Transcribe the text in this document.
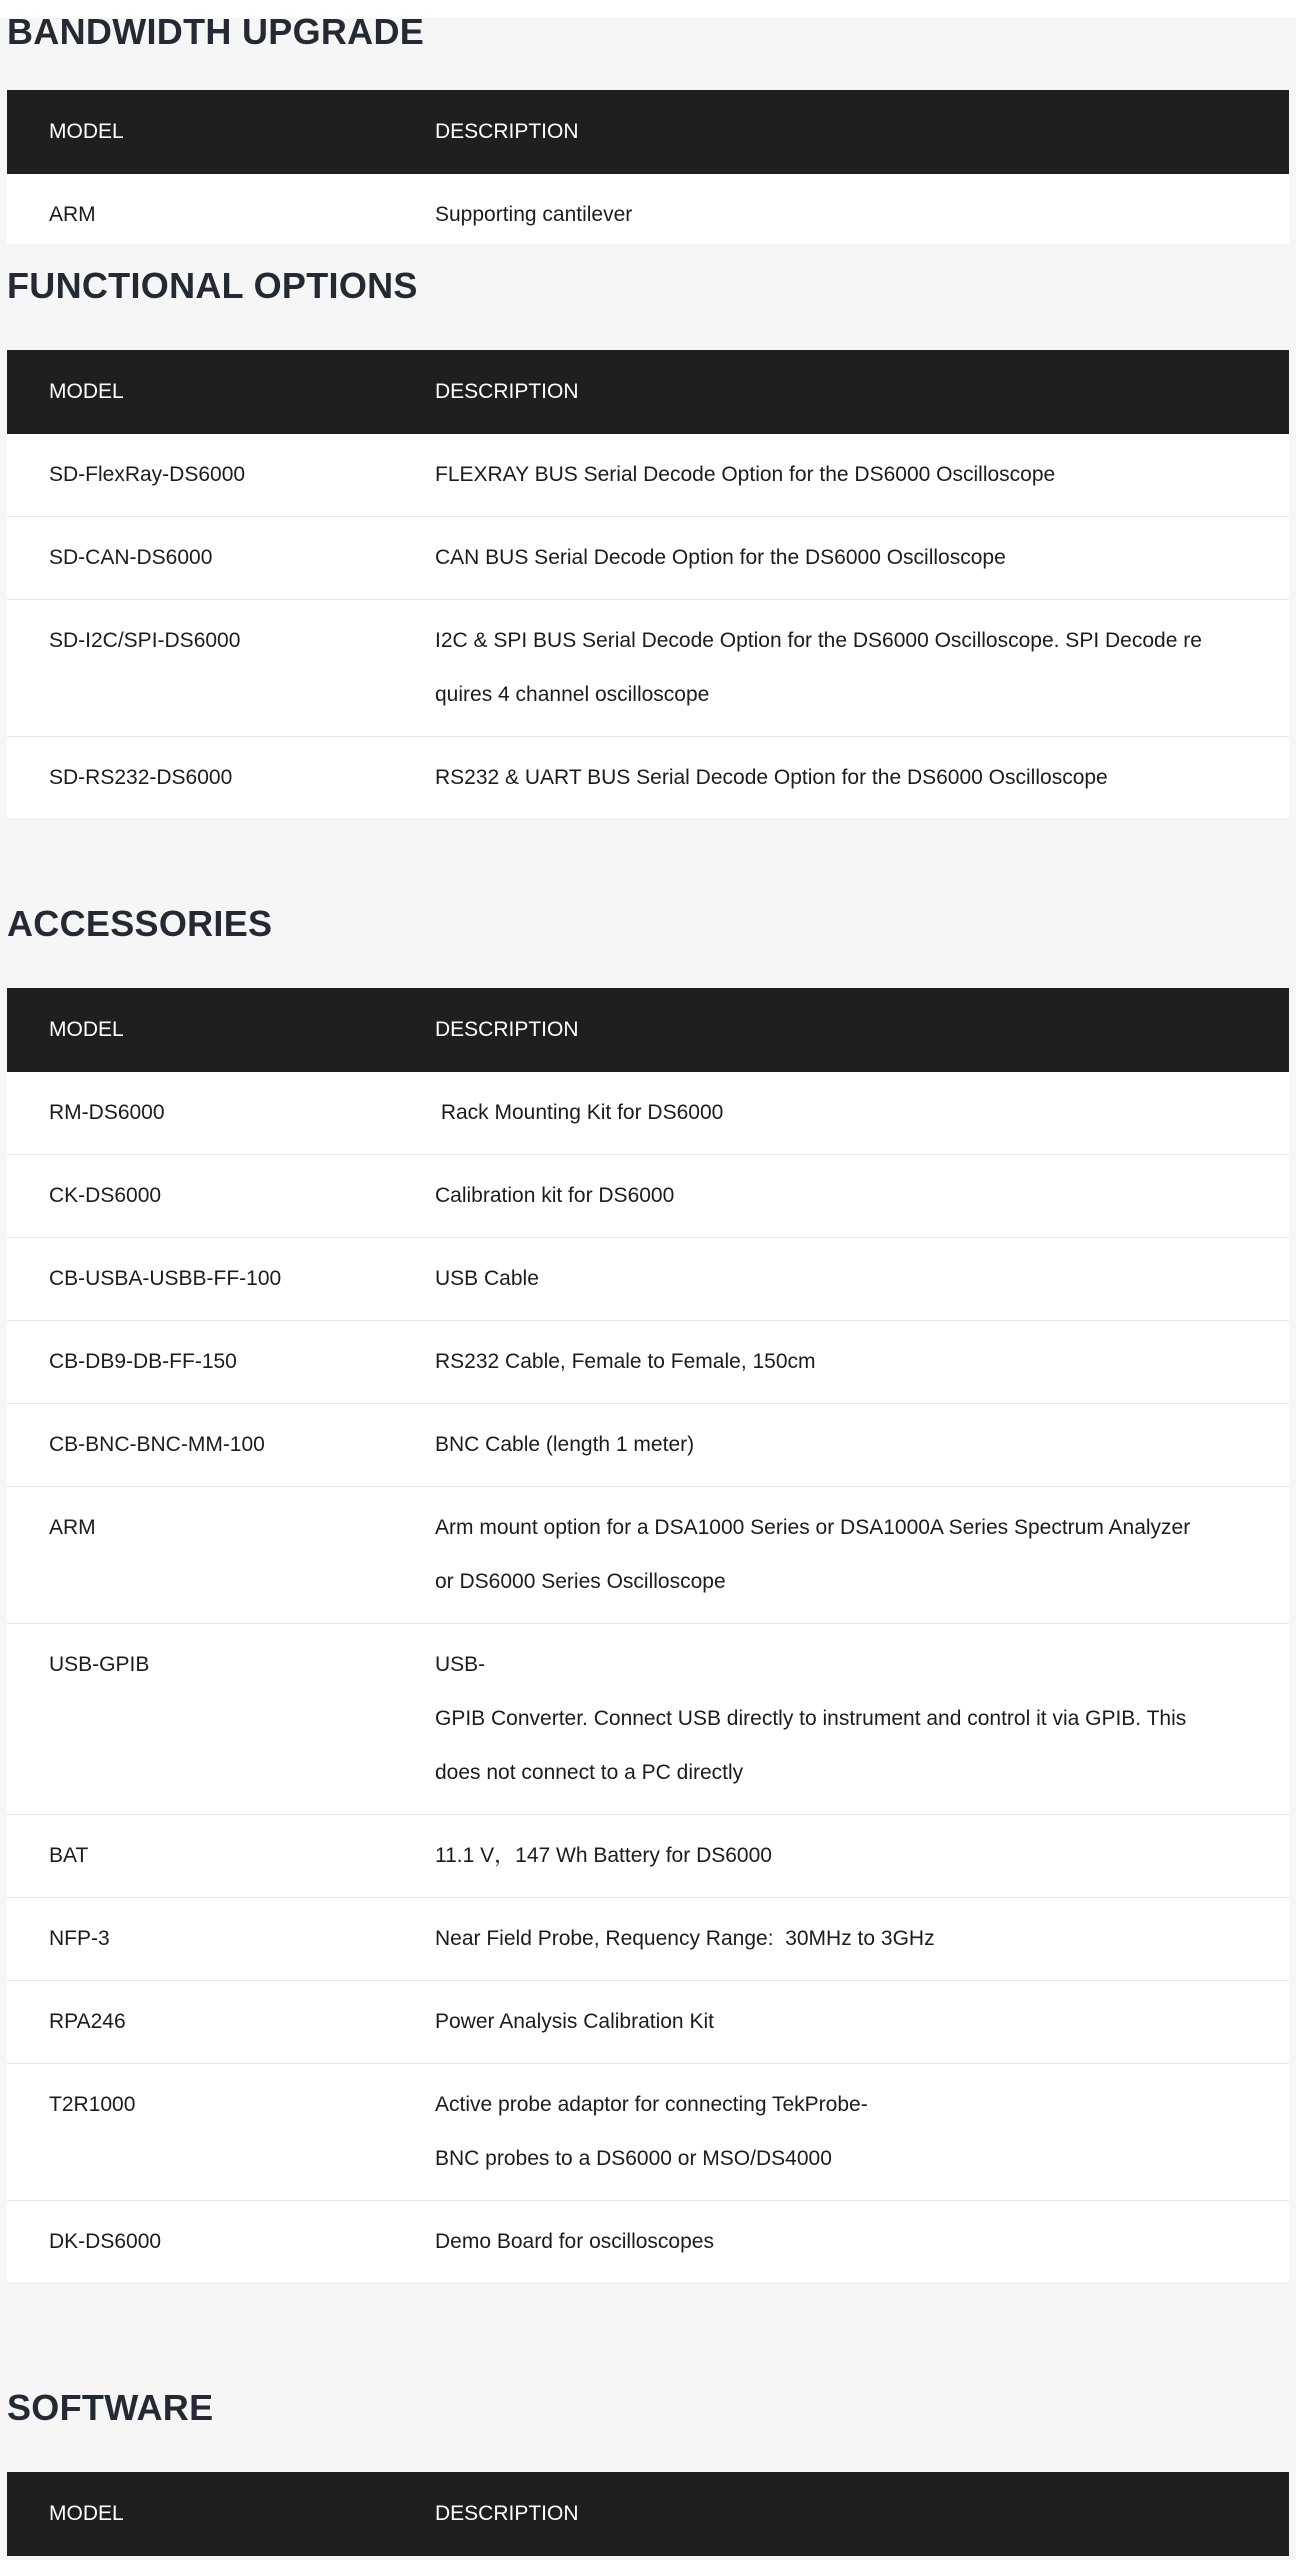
BANDWIDTH UPGRADE
MODEL	DESCRIPTION
ARM	Supporting cantilever
FUNCTIONAL OPTIONS
MODEL	DESCRIPTION
SD-FlexRay-DS6000	FLEXRAY BUS Serial Decode Option for the DS6000 Oscilloscope
SD-CAN-DS6000	CAN BUS Serial Decode Option for the DS6000 Oscilloscope
SD-I2C/SPI-DS6000	I2C & SPI BUS Serial Decode Option for the DS6000 Oscilloscope. SPI Decode re
quires 4 channel oscilloscope

SD-RS232-DS6000	RS232 & UART BUS Serial Decode Option for the DS6000 Oscilloscope
ACCESSORIES
MODEL	DESCRIPTION
RM-DS6000	Rack Mounting Kit for DS6000
CK-DS6000	Calibration kit for DS6000
CB-USBA-USBB-FF-100	USB Cable
CB-DB9-DB-FF-150	RS232 Cable, Female to Female, 150cm
CB-BNC-BNC-MM-100	BNC Cable (length 1 meter)
ARM	Arm mount option for a DSA1000 Series or DSA1000A Series Spectrum Analyzer
or DS6000 Series Oscilloscope

USB-GPIB	USB-
GPIB Converter. Connect USB directly to instrument and control it via GPIB. This
does not connect to a PC directly

BAT	11.1 V，147 Wh Battery for DS6000
NFP-3	Near Field Probe, Requency Range:  30MHz to 3GHz
RPA246	Power Analysis Calibration Kit
T2R1000	Active probe adaptor for connecting TekProbe-
BNC probes to a DS6000 or MSO/DS4000

DK-DS6000	Demo Board for oscilloscopes
SOFTWARE
MODEL	DESCRIPTION
